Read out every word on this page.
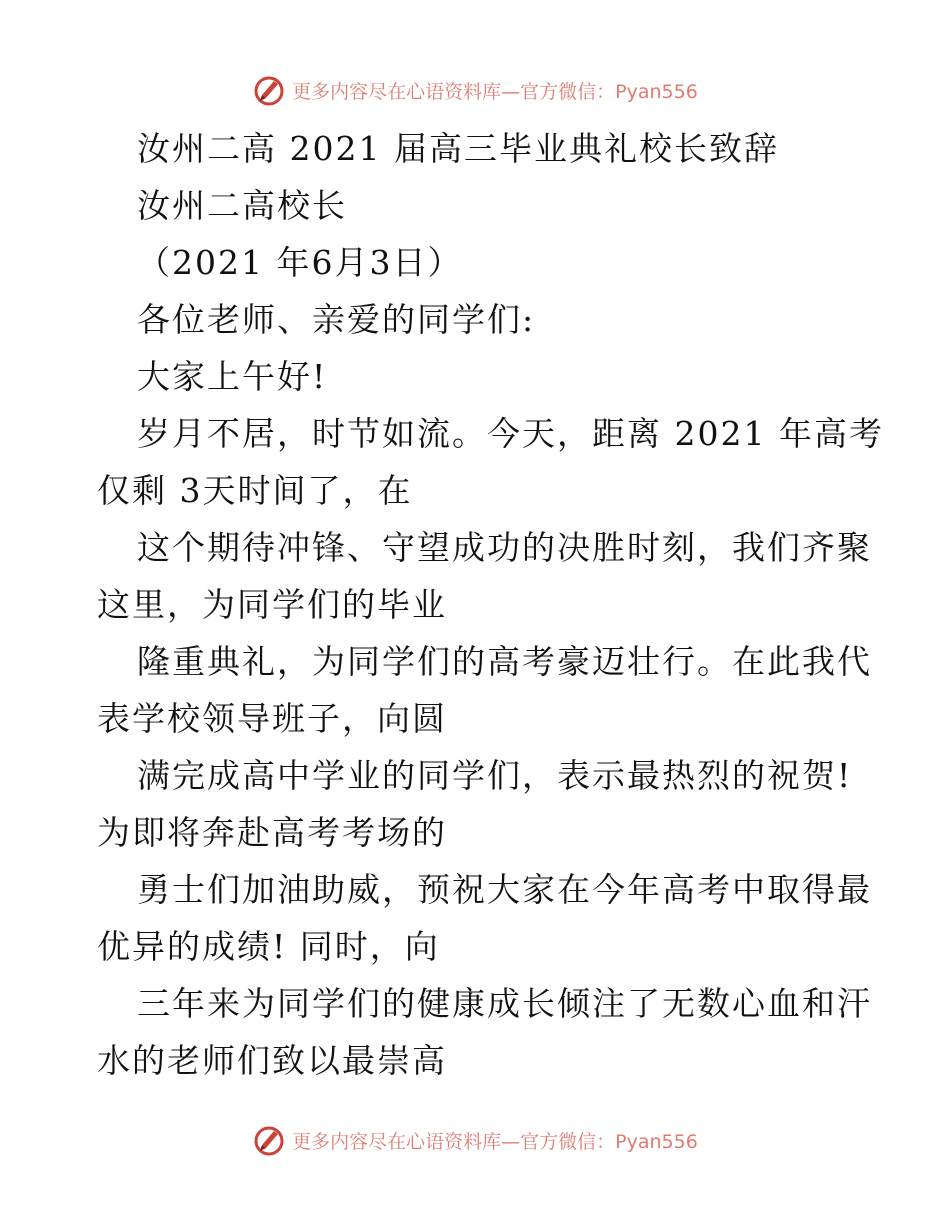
更多内容尽在心语资料库—官方微信：Pyan556
汝州二高 2021 届高三毕业典礼校长致辞
汝州二高校长
（2021 年6月3日）
各位老师、亲爱的同学们:
大家上午好!
岁月不居，时节如流。今天，距离 2021 年高考
仅剩 3天时间了，在
这个期待冲锋、守望成功的决胜时刻，我们齐聚
这里，为同学们的毕业
隆重典礼，为同学们的高考豪迈壮行。在此我代
表学校领导班子，向圆
满完成高中学业的同学们，表示最热烈的祝贺!
为即将奔赴高考考场的
勇士们加油助威，预祝大家在今年高考中取得最
优异的成绩! 同时，向
三年来为同学们的健康成长倾注了无数心血和汗
水的老师们致以最崇高
更多内容尽在心语资料库—官方微信：Pyan556
